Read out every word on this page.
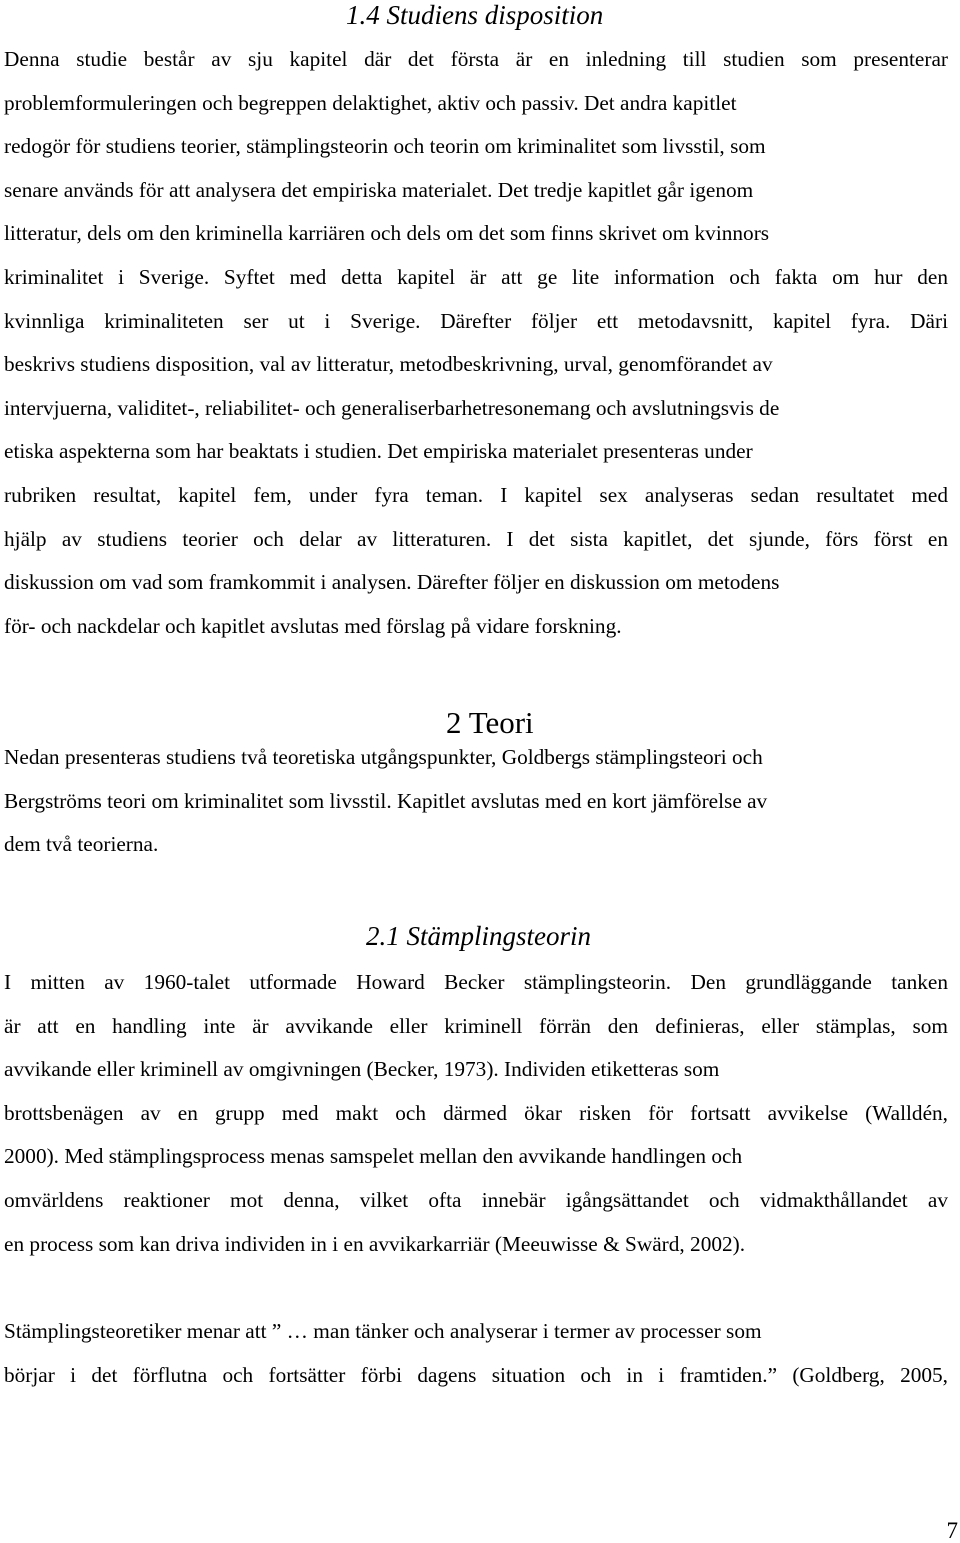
1.4 Studiens disposition
Denna studie består av sju kapitel där det första är en inledning till studien som presenterar
problemformuleringen och begreppen delaktighet, aktiv och passiv. Det andra kapitlet
redogör för studiens teorier, stämplingsteorin och teorin om kriminalitet som livsstil, som
senare används för att analysera det empiriska materialet. Det tredje kapitlet går igenom
litteratur, dels om den kriminella karriären och dels om det som finns skrivet om kvinnors
kriminalitet i Sverige. Syftet med detta kapitel är att ge lite information och fakta om hur den
kvinnliga kriminaliteten ser ut i Sverige. Därefter följer ett metodavsnitt, kapitel fyra. Däri
beskrivs studiens disposition, val av litteratur, metodbeskrivning, urval, genomförandet av
intervjuerna, validitet-, reliabilitet- och generaliserbarhetresonemang och avslutningsvis de
etiska aspekterna som har beaktats i studien. Det empiriska materialet presenteras under
rubriken resultat, kapitel fem, under fyra teman. I kapitel sex analyseras sedan resultatet med
hjälp av studiens teorier och delar av litteraturen. I det sista kapitlet, det sjunde, förs först en
diskussion om vad som framkommit i analysen. Därefter följer en diskussion om metodens
för- och nackdelar och kapitlet avslutas med förslag på vidare forskning.
2 Teori
Nedan presenteras studiens två teoretiska utgångspunkter, Goldbergs stämplingsteori och
Bergströms teori om kriminalitet som livsstil. Kapitlet avslutas med en kort jämförelse av
dem två teorierna.
2.1 Stämplingsteorin
I mitten av 1960-talet utformade Howard Becker stämplingsteorin. Den grundläggande tanken
är att en handling inte är avvikande eller kriminell förrän den definieras, eller stämplas, som
avvikande eller kriminell av omgivningen (Becker, 1973). Individen etiketteras som
brottsbenägen av en grupp med makt och därmed ökar risken för fortsatt avvikelse (Walldén,
2000). Med stämplingsprocess menas samspelet mellan den avvikande handlingen och
omvärldens reaktioner mot denna, vilket ofta innebär igångsättandet och vidmakthållandet av
en process som kan driva individen in i en avvikarkarriär (Meeuwisse & Swärd, 2002).
Stämplingsteoretiker menar att ” … man tänker och analyserar i termer av processer som
börjar i det förflutna och fortsätter förbi dagens situation och in i framtiden.” (Goldberg, 2005,
7
